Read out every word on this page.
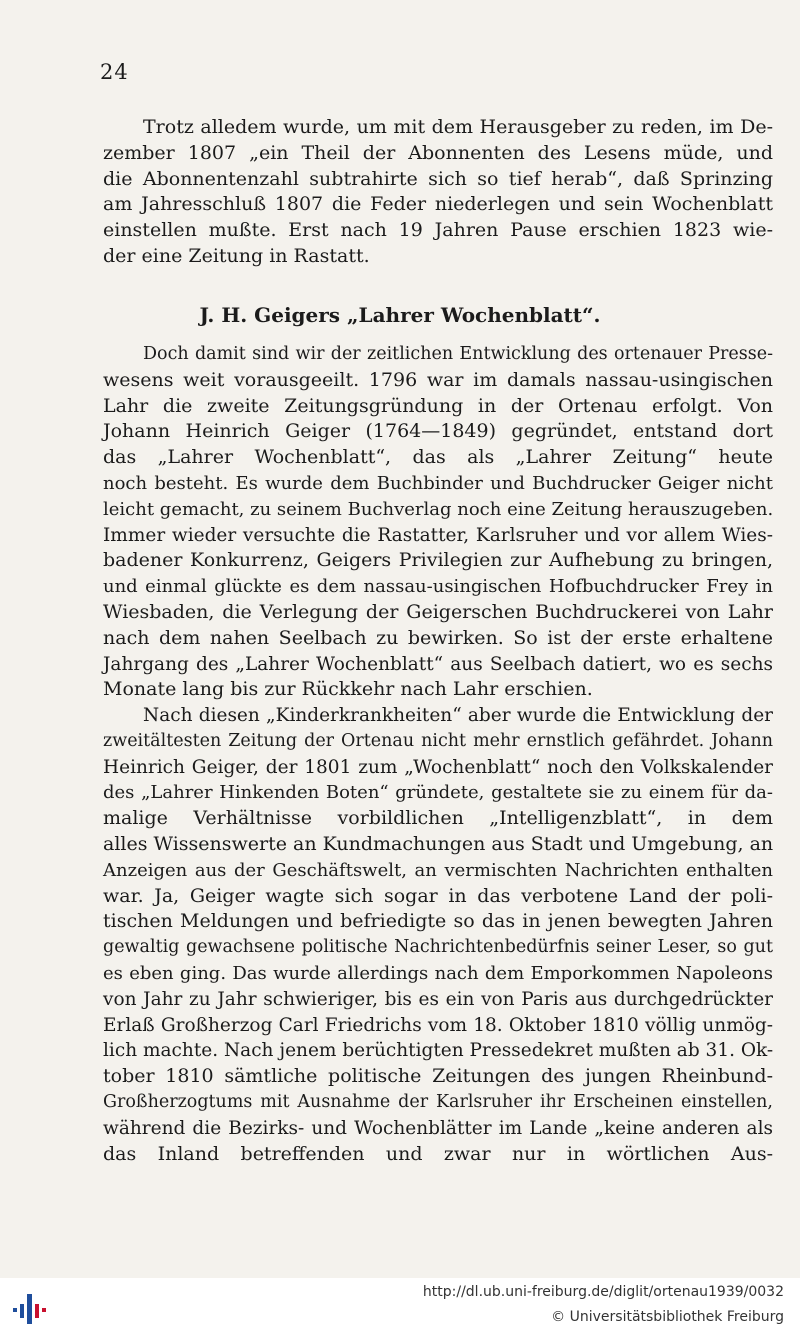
24
Trotz alledem wurde, um mit dem Herausgeber zu reden, im De-
zember 1807 „ein Theil der Abonnenten des Lesens müde, und
die Abonnentenzahl subtrahirte sich so tief herab“, daß Sprinzing
am Jahresschluß 1807 die Feder niederlegen und sein Wochenblatt
einstellen mußte. Erst nach 19 Jahren Pause erschien 1823 wie-
der eine Zeitung in Rastatt.
J. H. Geigers „Lahrer Wochenblatt“.
Doch damit sind wir der zeitlichen Entwicklung des ortenauer Presse-
wesens weit vorausgeeilt. 1796 war im damals nassau-usingischen
Lahr die zweite Zeitungsgründung in der Ortenau erfolgt. Von
Johann Heinrich Geiger (1764—1849) gegründet, entstand dort
das „Lahrer Wochenblatt“, das als „Lahrer Zeitung“ heute
noch besteht. Es wurde dem Buchbinder und Buchdrucker Geiger nicht
leicht gemacht, zu seinem Buchverlag noch eine Zeitung herauszugeben.
Immer wieder versuchte die Rastatter, Karlsruher und vor allem Wies-
badener Konkurrenz, Geigers Privilegien zur Aufhebung zu bringen,
und einmal glückte es dem nassau-usingischen Hofbuchdrucker Frey in
Wiesbaden, die Verlegung der Geigerschen Buchdruckerei von Lahr
nach dem nahen Seelbach zu bewirken. So ist der erste erhaltene
Jahrgang des „Lahrer Wochenblatt“ aus Seelbach datiert, wo es sechs
Monate lang bis zur Rückkehr nach Lahr erschien.
Nach diesen „Kinderkrankheiten“ aber wurde die Entwicklung der
zweitältesten Zeitung der Ortenau nicht mehr ernstlich gefährdet. Johann
Heinrich Geiger, der 1801 zum „Wochenblatt“ noch den Volkskalender
des „Lahrer Hinkenden Boten“ gründete, gestaltete sie zu einem für da-
malige Verhältnisse vorbildlichen „Intelligenzblatt“, in dem
alles Wissenswerte an Kundmachungen aus Stadt und Umgebung, an
Anzeigen aus der Geschäftswelt, an vermischten Nachrichten enthalten
war. Ja, Geiger wagte sich sogar in das verbotene Land der poli-
tischen Meldungen und befriedigte so das in jenen bewegten Jahren
gewaltig gewachsene politische Nachrichtenbedürfnis seiner Leser, so gut
es eben ging. Das wurde allerdings nach dem Emporkommen Napoleons
von Jahr zu Jahr schwieriger, bis es ein von Paris aus durchgedrückter
Erlaß Großherzog Carl Friedrichs vom 18. Oktober 1810 völlig unmög-
lich machte. Nach jenem berüchtigten Pressedekret mußten ab 31. Ok-
tober 1810 sämtliche politische Zeitungen des jungen Rheinbund-
Großherzogtums mit Ausnahme der Karlsruher ihr Erscheinen einstellen,
während die Bezirks- und Wochenblätter im Lande „keine anderen als
das Inland betreffenden und zwar nur in wörtlichen Aus-
http://dl.ub.uni-freiburg.de/diglit/ortenau1939/0032
© Universitätsbibliothek Freiburg
